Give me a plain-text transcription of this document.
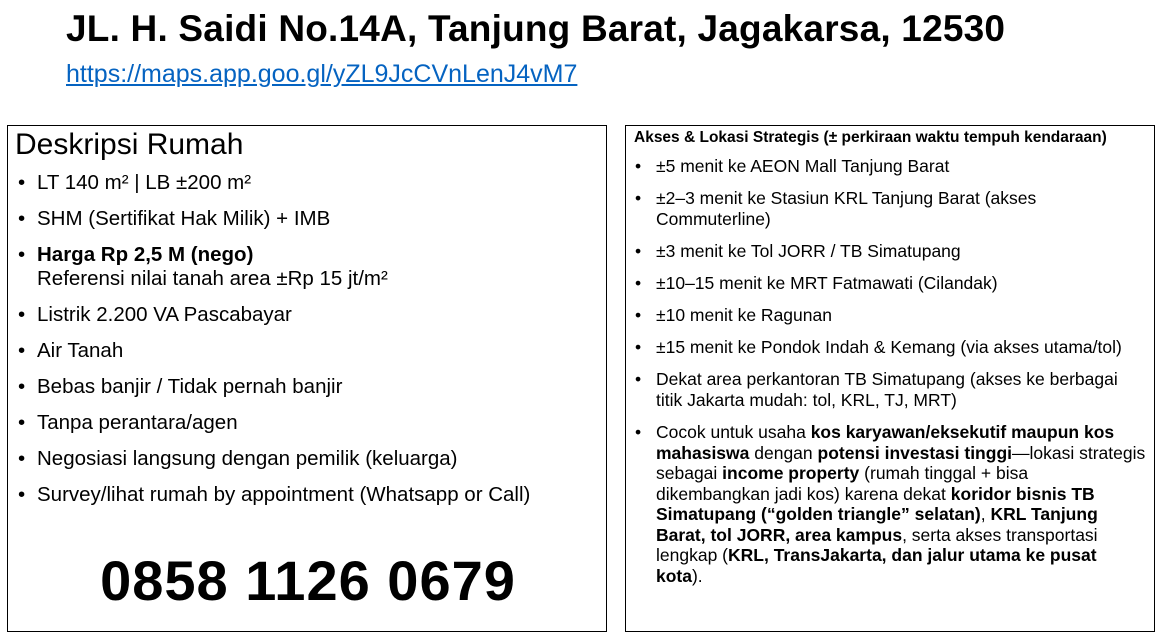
JL. H. Saidi No.14A, Tanjung Barat, Jagakarsa, 12530
https://maps.app.goo.gl/yZL9JcCVnLenJ4vM7
Deskripsi Rumah
• LT 140 m² | LB ±200 m²
• SHM (Sertifikat Hak Milik) + IMB
• Harga Rp 2,5 M (nego)
Referensi nilai tanah area ±Rp 15 jt/m²
• Listrik 2.200 VA Pascabayar
• Air Tanah
• Bebas banjir / Tidak pernah banjir
• Tanpa perantara/agen
• Negosiasi langsung dengan pemilik (keluarga)
• Survey/lihat rumah by appointment (Whatsapp or Call)
0858 1126 0679
Akses & Lokasi Strategis (± perkiraan waktu tempuh kendaraan)
• ±5 menit ke AEON Mall Tanjung Barat
• ±2–3 menit ke Stasiun KRL Tanjung Barat (akses Commuterline)
• ±3 menit ke Tol JORR / TB Simatupang
• ±10–15 menit ke MRT Fatmawati (Cilandak)
• ±10 menit ke Ragunan
• ±15 menit ke Pondok Indah & Kemang (via akses utama/tol)
• Dekat area perkantoran TB Simatupang (akses ke berbagai titik Jakarta mudah: tol, KRL, TJ, MRT)
• Cocok untuk usaha kos karyawan/eksekutif maupun kos mahasiswa dengan potensi investasi tinggi—lokasi strategis sebagai income property (rumah tinggal + bisa dikembangkan jadi kos) karena dekat koridor bisnis TB Simatupang (“golden triangle” selatan), KRL Tanjung Barat, tol JORR, area kampus, serta akses transportasi lengkap (KRL, TransJakarta, dan jalur utama ke pusat kota).
